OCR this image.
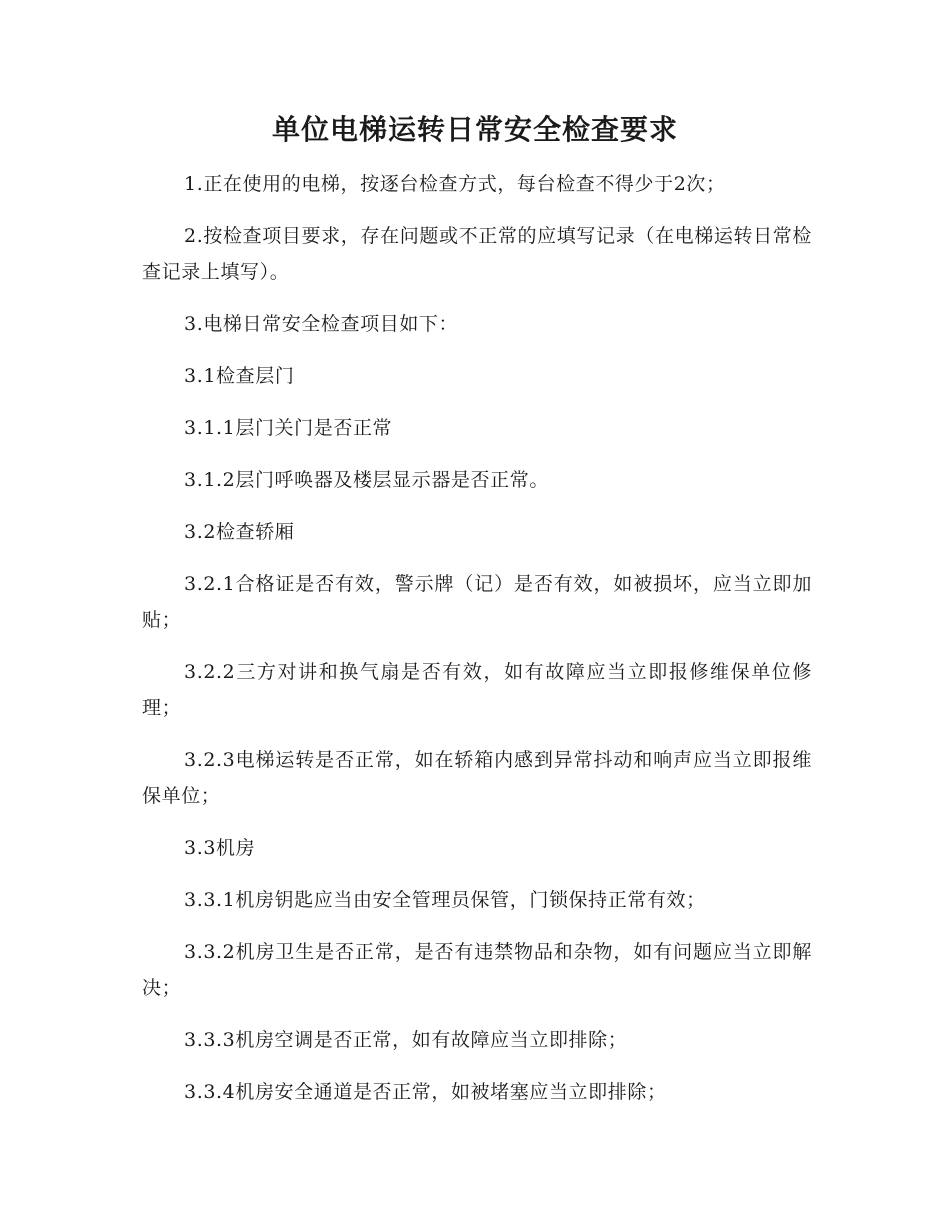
单位电梯运转日常安全检查要求

1.正在使用的电梯，按逐台检查方式，每台检查不得少于2次；

2.按检查项目要求，存在问题或不正常的应填写记录（在电梯运转日常检查记录上填写）。

3.电梯日常安全检查项目如下：

3.1检查层门

3.1.1层门关门是否正常

3.1.2层门呼唤器及楼层显示器是否正常。

3.2检查轿厢

3.2.1合格证是否有效，警示牌（记）是否有效，如被损坏，应当立即加贴；

3.2.2三方对讲和换气扇是否有效，如有故障应当立即报修维保单位修理；

3.2.3电梯运转是否正常，如在轿箱内感到异常抖动和响声应当立即报维保单位；

3.3机房

3.3.1机房钥匙应当由安全管理员保管，门锁保持正常有效；

3.3.2机房卫生是否正常，是否有违禁物品和杂物，如有问题应当立即解决；

3.3.3机房空调是否正常，如有故障应当立即排除；

3.3.4机房安全通道是否正常，如被堵塞应当立即排除；
